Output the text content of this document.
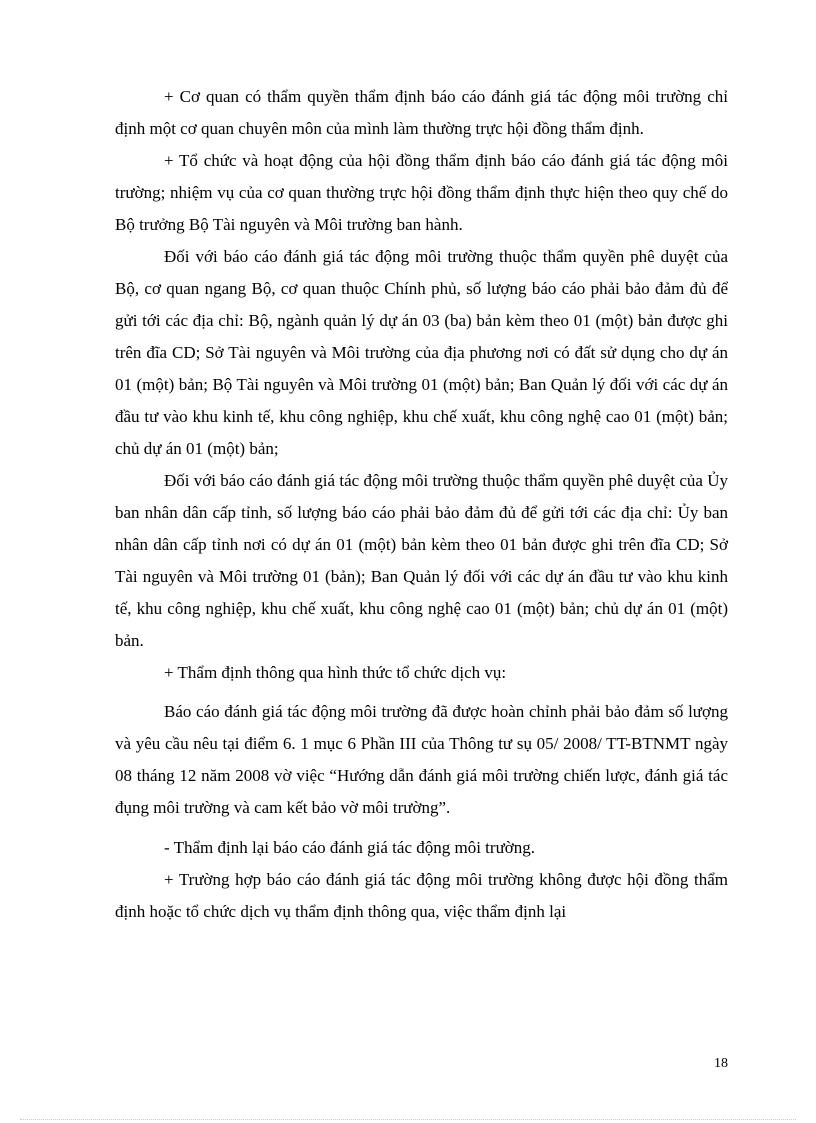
+ Cơ quan có thẩm quyền thẩm định báo cáo đánh giá tác động môi trường chỉ định một cơ quan chuyên môn của mình làm thường trực hội đồng thẩm định.

+ Tổ chức và hoạt động của hội đồng thẩm định báo cáo đánh giá tác động môi trường; nhiệm vụ của cơ quan thường trực hội đồng thẩm định thực hiện theo quy chế do Bộ trưởng Bộ Tài nguyên và Môi trường ban hành.

Đối với báo cáo đánh giá tác động môi trường thuộc thẩm quyền phê duyệt của Bộ, cơ quan ngang Bộ, cơ quan thuộc Chính phủ, số lượng báo cáo phải bảo đảm đủ để gửi tới các địa chỉ: Bộ, ngành quản lý dự án 03 (ba) bản kèm theo 01 (một) bản được ghi trên đĩa CD; Sở Tài nguyên và Môi trường của địa phương nơi có đất sử dụng cho dự án 01 (một) bản; Bộ Tài nguyên và Môi trường 01 (một) bản; Ban Quản lý đối với các dự án đầu tư vào khu kinh tế, khu công nghiệp, khu chế xuất, khu công nghệ cao 01 (một) bản; chủ dự án 01 (một) bản;

Đối với báo cáo đánh giá tác động môi trường thuộc thẩm quyền phê duyệt của Ủy ban nhân dân cấp tỉnh, số lượng báo cáo phải bảo đảm đủ để gửi tới các địa chỉ: Ủy ban nhân dân cấp tỉnh nơi có dự án 01 (một) bản kèm theo 01 bản được ghi trên đĩa CD; Sở Tài nguyên và Môi trường 01 (bản); Ban Quản lý đối với các dự án đầu tư vào khu kinh tế, khu công nghiệp, khu chế xuất, khu công nghệ cao 01 (một) bản; chủ dự án 01 (một) bản.

+ Thẩm định thông qua hình thức tổ chức dịch vụ:

Báo cáo đánh giá tác động môi trường đã được hoàn chỉnh phải bảo đảm số lượng và yêu cầu nêu tại điểm 6. 1 mục 6 Phần III của Thông tư sụ 05/ 2008/ TT-BTNMT ngày 08 tháng 12 năm 2008 vờ việc “Hướng dẫn đánh giá môi trường chiến lược, đánh giá tác đụng môi trường và cam kết bảo vờ môi trường”.

- Thẩm định lại báo cáo đánh giá tác động môi trường.

+ Trường hợp báo cáo đánh giá tác động môi trường không được hội đồng thẩm định hoặc tổ chức dịch vụ thẩm định thông qua, việc thẩm định lại

18
